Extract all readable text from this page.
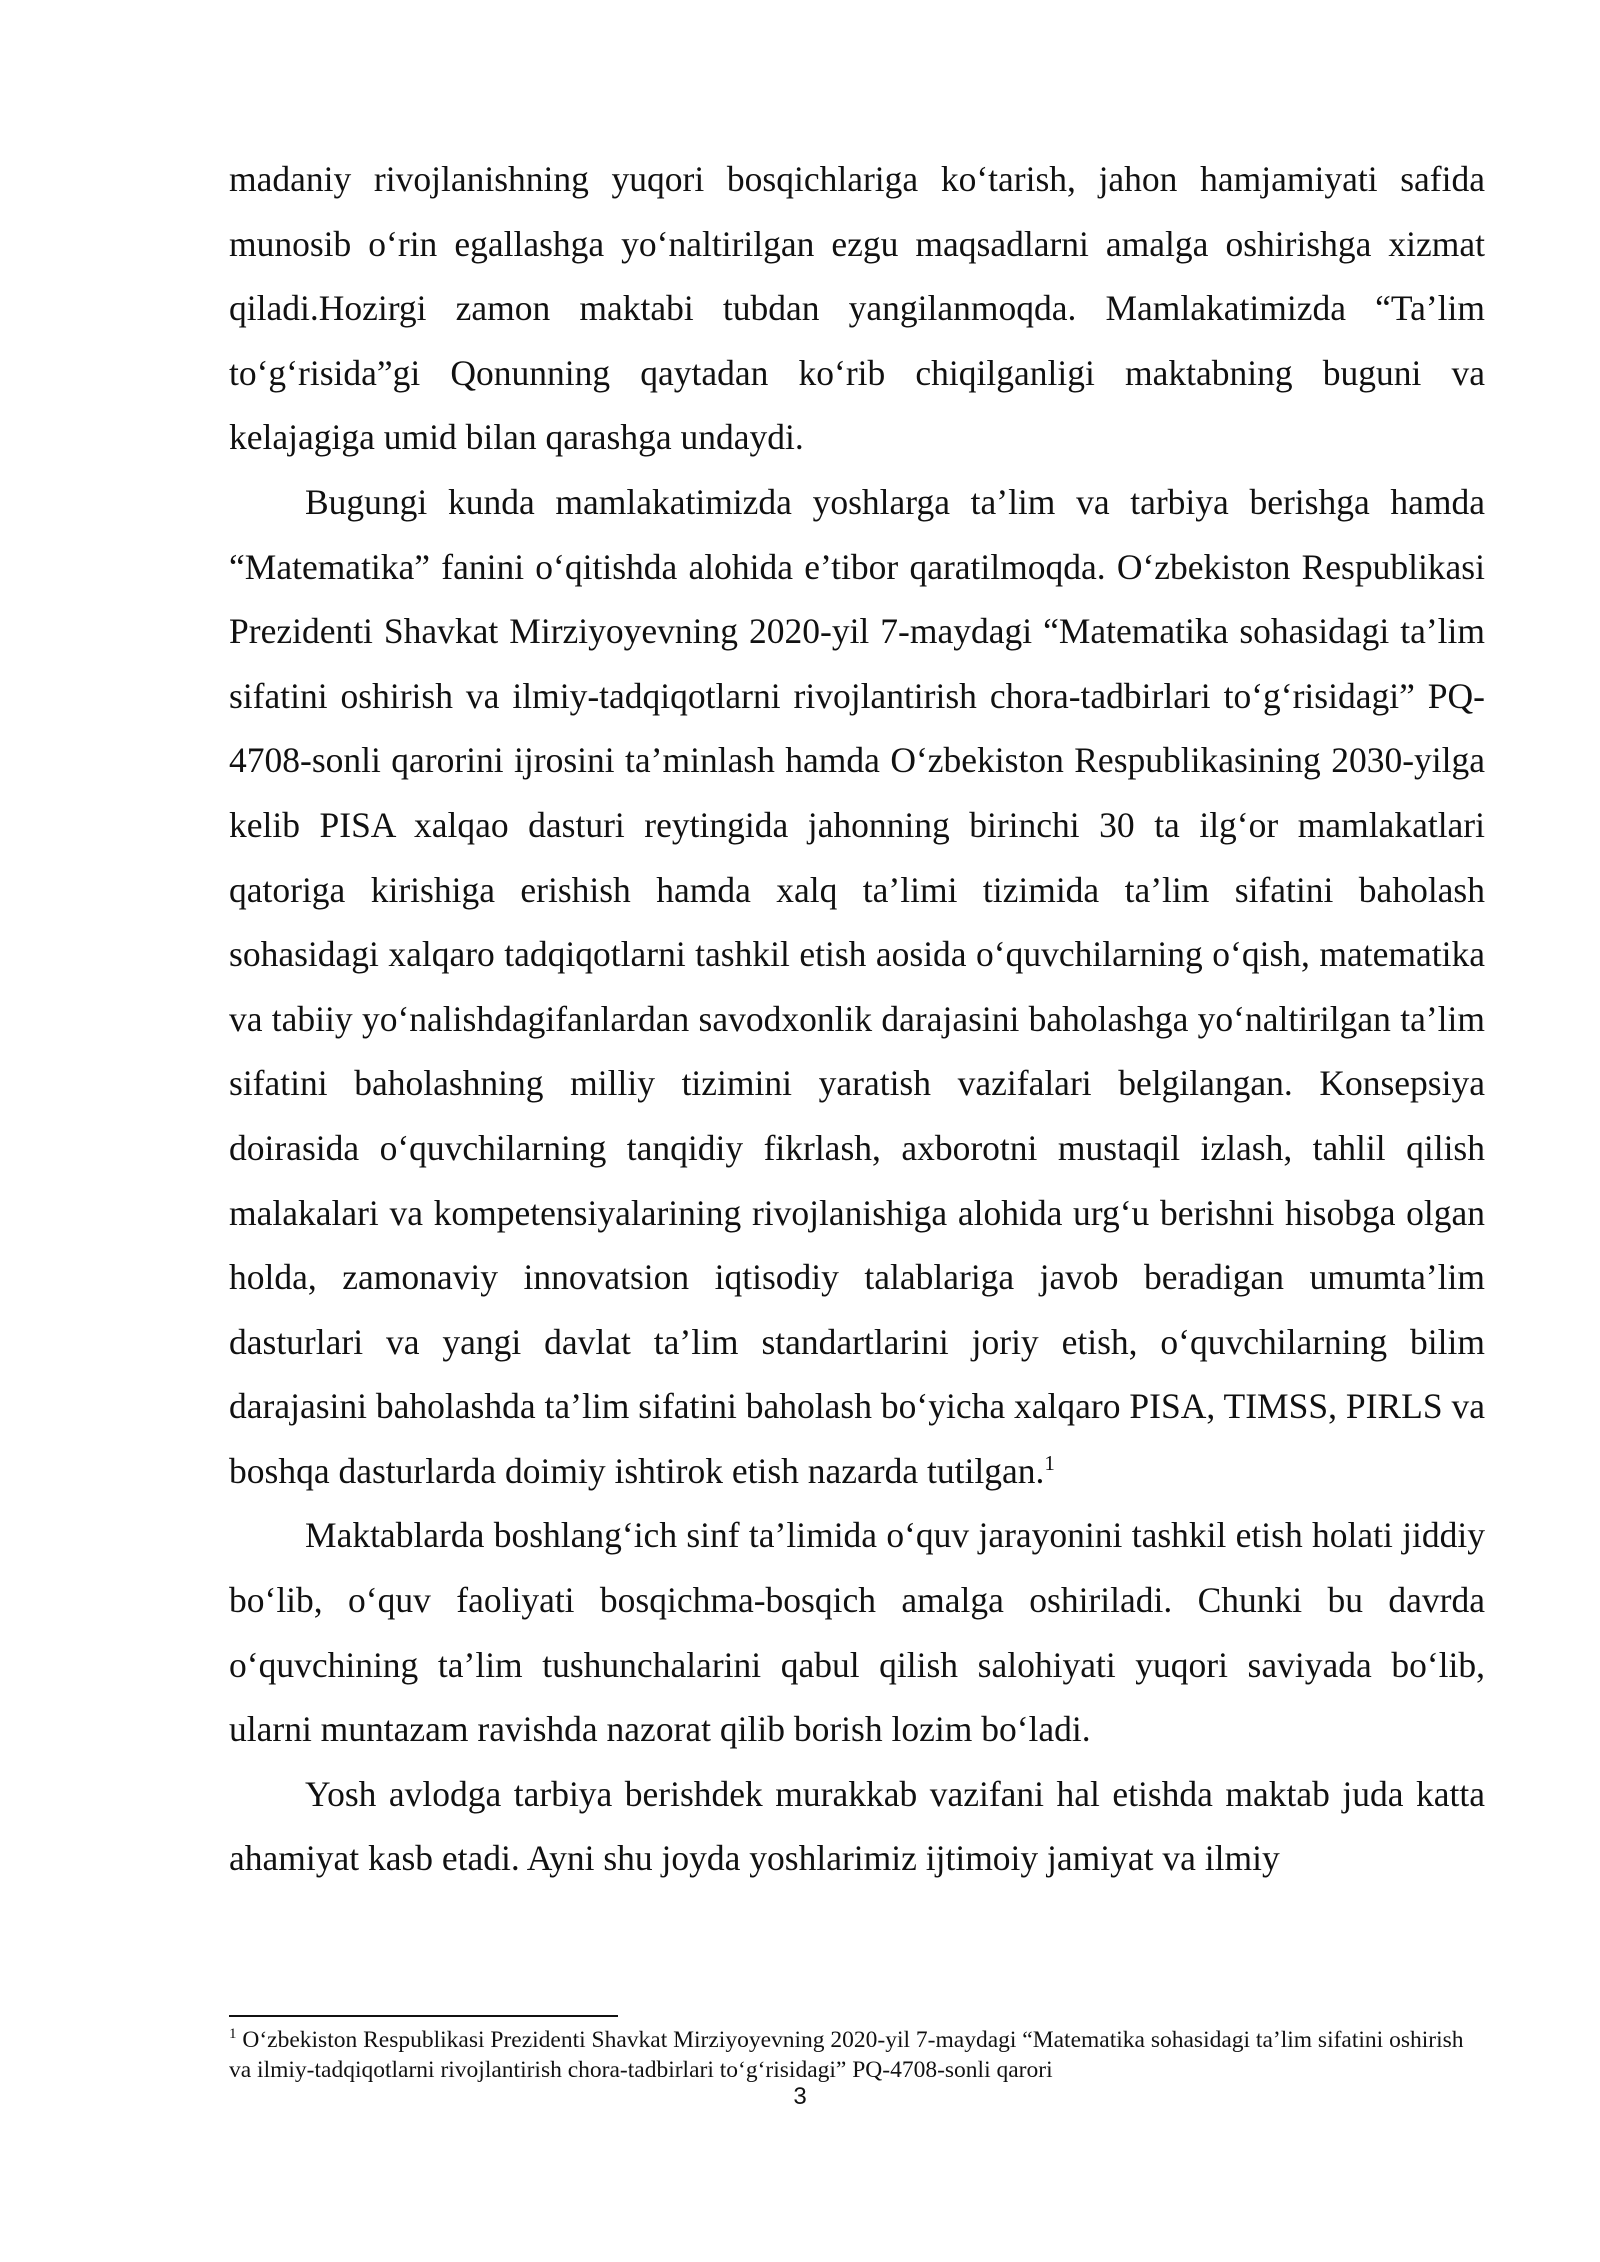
madaniy rivojlanishning yuqori bosqichlariga ko‘tarish, jahon hamjamiyati safida munosib o‘rin egallashga yo‘naltirilgan ezgu maqsadlarni amalga oshirishga xizmat qiladi.Hozirgi zamon maktabi tubdan yangilanmoqda. Mamlakatimizda “Ta’lim to‘g‘risida”gi Qonunning qaytadan ko‘rib chiqilganligi maktabning buguni va kelajagiga umid bilan qarashga undaydi.

Bugungi kunda mamlakatimizda yoshlarga ta’lim va tarbiya berishga hamda “Matematika” fanini o‘qitishda alohida e’tibor qaratilmoqda. O‘zbekiston Respublikasi Prezidenti Shavkat Mirziyoyevning 2020-yil 7-maydagi “Matematika sohasidagi ta’lim sifatini oshirish va ilmiy-tadqiqotlarni rivojlantirish chora-tadbirlari to‘g‘risidagi” PQ-4708-sonli qarorini ijrosini ta’minlash hamda O‘zbekiston Respublikasining 2030-yilga kelib PISA xalqao dasturi reytingida jahonning birinchi 30 ta ilg‘or mamlakatlari qatoriga kirishiga erishish hamda xalq ta’limi tizimida ta’lim sifatini baholash sohasidagi xalqaro tadqiqotlarni tashkil etish aosida o‘quvchilarning o‘qish, matematika va tabiiy yo‘nalishdagifanlardan savodxonlik darajasini baholashga yo‘naltirilgan ta’lim sifatini baholashning milliy tizimini yaratish vazifalari belgilangan. Konsepsiya doirasida o‘quvchilarning tanqidiy fikrlash, axborotni mustaqil izlash, tahlil qilish malakalari va kompetensiyalarining rivojlanishiga alohida urg‘u berishni hisobga olgan holda, zamonaviy innovatsion iqtisodiy talablariga javob beradigan umumta’lim dasturlari va yangi davlat ta’lim standartlarini joriy etish, o‘quvchilarning bilim darajasini baholashda ta’lim sifatini baholash bo‘yicha xalqaro PISA, TIMSS, PIRLS va boshqa dasturlarda doimiy ishtirok etish nazarda tutilgan.$^1$

Maktablarda boshlang‘ich sinf ta’limida o‘quv jarayonini tashkil etish holati jiddiy bo‘lib, o‘quv faoliyati bosqichma-bosqich amalga oshiriladi. Chunki bu davrda o‘quvchining ta’lim tushunchalarini qabul qilish salohiyati yuqori saviyada bo‘lib, ularni muntazam ravishda nazorat qilib borish lozim bo‘ladi.

Yosh avlodga tarbiya berishdek murakkab vazifani hal etishda maktab juda katta ahamiyat kasb etadi. Ayni shu joyda yoshlarimiz ijtimoiy jamiyat va ilmiy

$^1$ O‘zbekiston Respublikasi Prezidenti Shavkat Mirziyoyevning 2020-yil 7-maydagi “Matematika sohasidagi ta’lim sifatini oshirish va ilmiy-tadqiqotlarni rivojlantirish chora-tadbirlari to‘g‘risidagi” PQ-4708-sonli qarori

3
